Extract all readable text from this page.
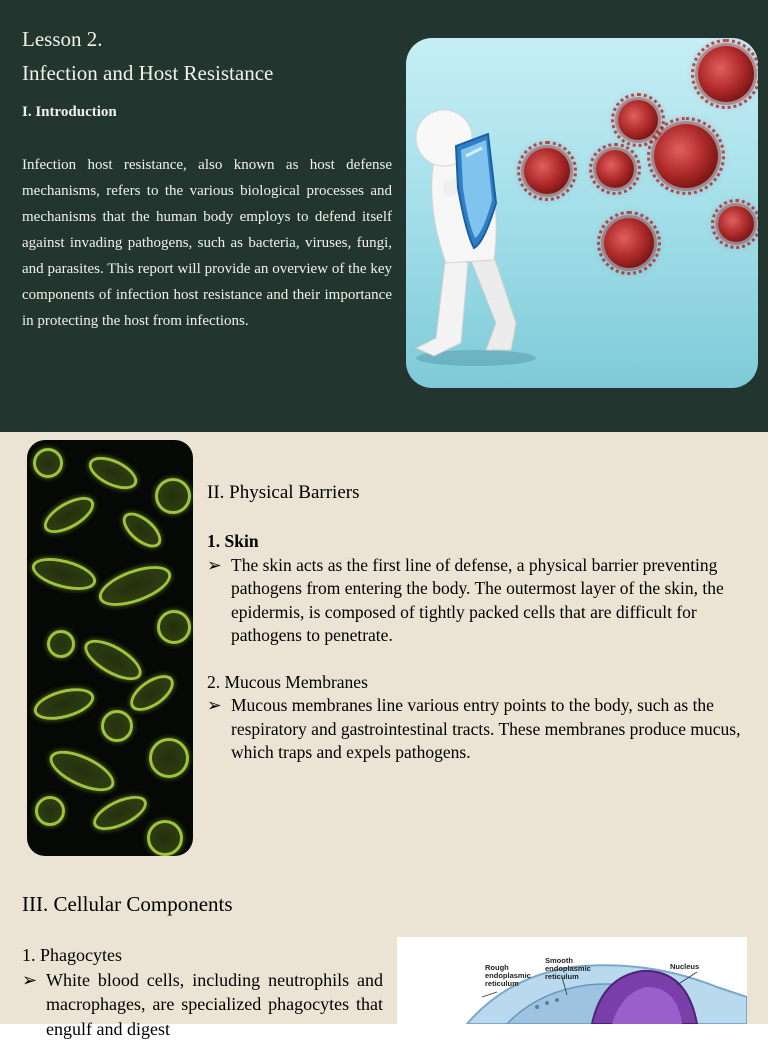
Lesson 2.
Infection and Host Resistance
I. Introduction
Infection host resistance, also known as host defense mechanisms, refers to the various biological processes and mechanisms that the human body employs to defend itself against invading pathogens, such as bacteria, viruses, fungi, and parasites. This report will provide an overview of the key components of infection host resistance and their importance in protecting the host from infections.
II. Physical Barriers
1. Skin
➢ The skin acts as the first line of defense, a physical barrier preventing pathogens from entering the body. The outermost layer of the skin, the epidermis, is composed of tightly packed cells that are difficult for pathogens to penetrate.
2. Mucous Membranes
➢ Mucous membranes line various entry points to the body, such as the respiratory and gastrointestinal tracts. These membranes produce mucus, which traps and expels pathogens.
III. Cellular Components
1. Phagocytes
➢ White blood cells, including neutrophils and macrophages, are specialized phagocytes that engulf and digest
Rough endoplasmic reticulum
Smooth endoplasmic reticulum
Nucleus
